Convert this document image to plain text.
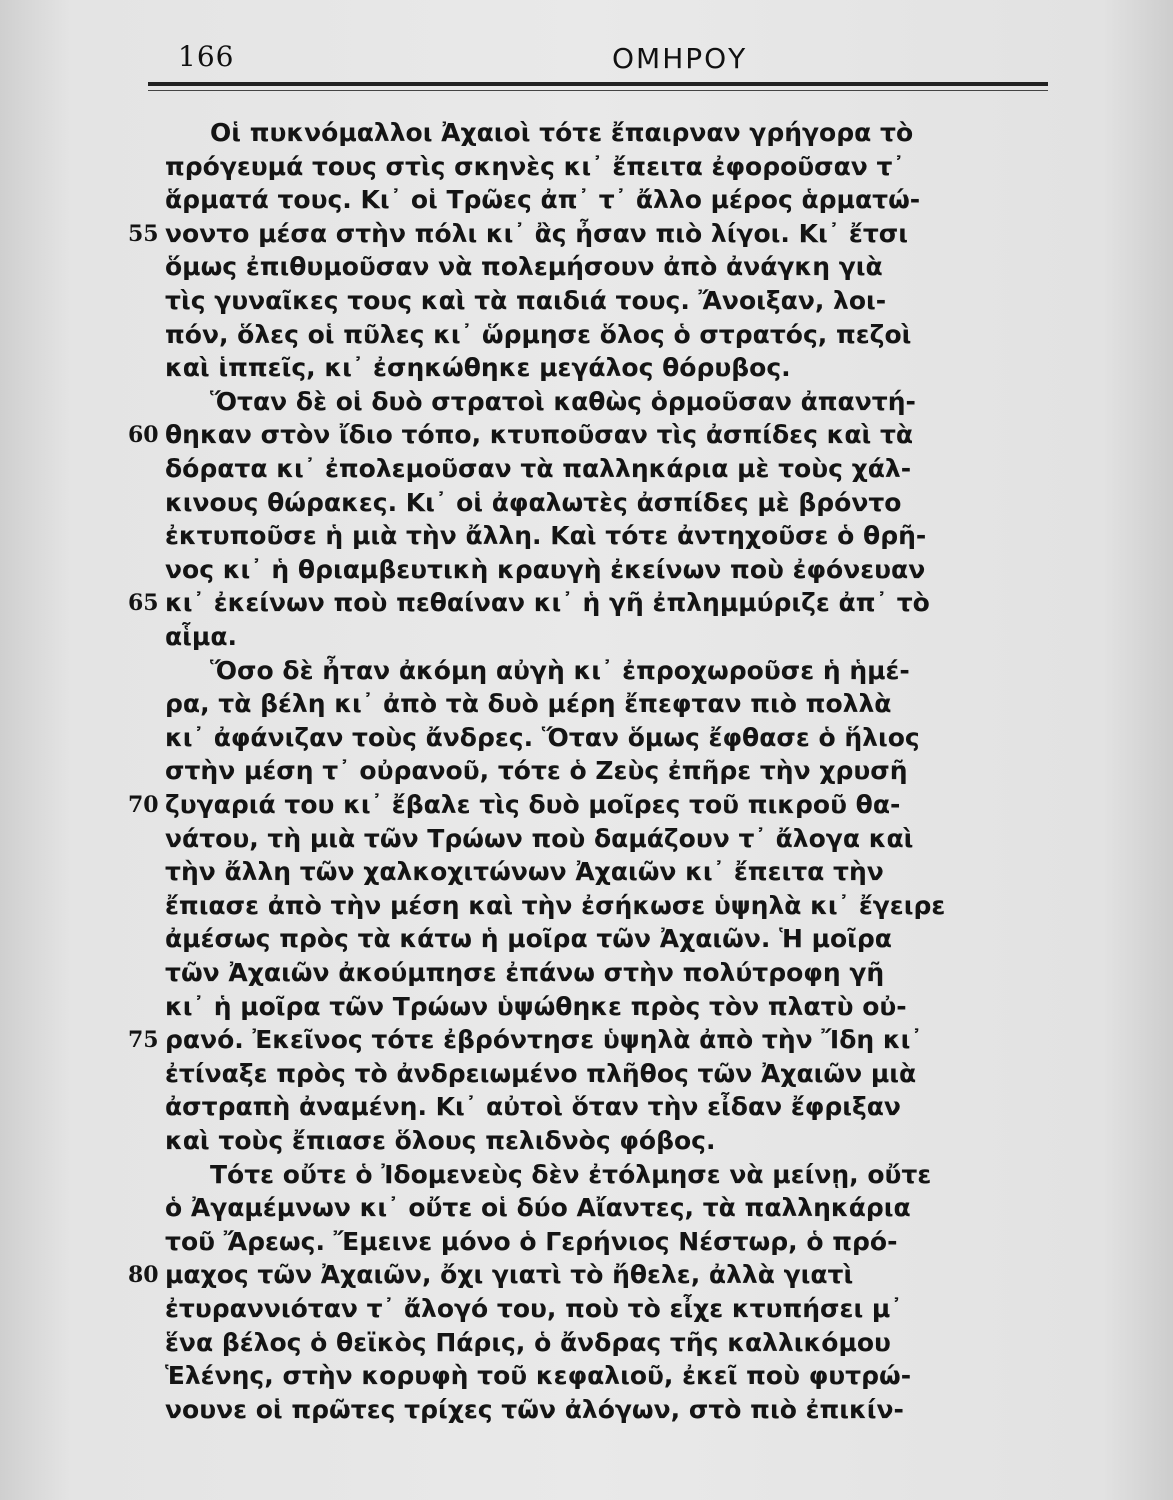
166	ΟΜΗΡΟΥ
Οἱ πυκνόμαλλοι Ἀχαιοὶ τότε ἔπαιρναν γρήγορα τὸ
πρόγευμά τους στὶς σκηνὲς κι᾿ ἔπειτα ἐφοροῦσαν τ᾿
ἅρματά τους. Κι᾿ οἱ Τρῶες ἀπ᾿ τ᾿ ἄλλο μέρος ἁρματώ-
55 νοντο μέσα στὴν πόλι κι᾿ ἂς ἦσαν πιὸ λίγοι. Κι᾿ ἔτσι
ὅμως ἐπιθυμοῦσαν νὰ πολεμήσουν ἀπὸ ἀνάγκη γιὰ
τὶς γυναῖκες τους καὶ τὰ παιδιά τους. Ἄνοιξαν, λοι-
πόν, ὅλες οἱ πῦλες κι᾿ ὥρμησε ὅλος ὁ στρατός, πεζοὶ
καὶ ἱππεῖς, κι᾿ ἐσηκώθηκε μεγάλος θόρυβος.
Ὅταν δὲ οἱ δυὸ στρατοὶ καθὼς ὁρμοῦσαν ἀπαντή-
60 θηκαν στὸν ἴδιο τόπο, κτυποῦσαν τὶς ἀσπίδες καὶ τὰ
δόρατα κι᾿ ἐπολεμοῦσαν τὰ παλληκάρια μὲ τοὺς χάλ-
κινους θώρακες. Κι᾿ οἱ ἀφαλωτὲς ἀσπίδες μὲ βρόντο
ἐκτυποῦσε ἡ μιὰ τὴν ἄλλη. Καὶ τότε ἀντηχοῦσε ὁ θρῆ-
νος κι᾿ ἡ θριαμβευτικὴ κραυγὴ ἐκείνων ποὺ ἐφόνευαν
65 κι᾿ ἐκείνων ποὺ πεθαίναν κι᾿ ἡ γῆ ἐπλημμύριζε ἀπ᾿ τὸ
αἷμα.
Ὅσο δὲ ἦταν ἀκόμη αὐγὴ κι᾿ ἐπροχωροῦσε ἡ ἡμέ-
ρα, τὰ βέλη κι᾿ ἀπὸ τὰ δυὸ μέρη ἔπεφταν πιὸ πολλὰ
κι᾿ ἀφάνιζαν τοὺς ἄνδρες. Ὅταν ὅμως ἔφθασε ὁ ἥλιος
στὴν μέση τ᾿ οὐρανοῦ, τότε ὁ Ζεὺς ἐπῆρε τὴν χρυσῆ
70 ζυγαριά του κι᾿ ἔβαλε τὶς δυὸ μοῖρες τοῦ πικροῦ θα-
νάτου, τὴ μιὰ τῶν Τρώων ποὺ δαμάζουν τ᾿ ἄλογα καὶ
τὴν ἄλλη τῶν χαλκοχιτώνων Ἀχαιῶν κι᾿ ἔπειτα τὴν
ἔπιασε ἀπὸ τὴν μέση καὶ τὴν ἐσήκωσε ὑψηλὰ κι᾿ ἔγειρε
ἀμέσως πρὸς τὰ κάτω ἡ μοῖρα τῶν Ἀχαιῶν. Ἡ μοῖρα
τῶν Ἀχαιῶν ἀκούμπησε ἐπάνω στὴν πολύτροφη γῆ
κι᾿ ἡ μοῖρα τῶν Τρώων ὑψώθηκε πρὸς τὸν πλατὺ οὐ-
75 ρανό. Ἐκεῖνος τότε ἐβρόντησε ὑψηλὰ ἀπὸ τὴν Ἴδη κι᾿
ἐτίναξε πρὸς τὸ ἀνδρειωμένο πλῆθος τῶν Ἀχαιῶν μιὰ
ἀστραπὴ ἀναμένη. Κι᾿ αὐτοὶ ὅταν τὴν εἶδαν ἔφριξαν
καὶ τοὺς ἔπιασε ὅλους πελιδνὸς φόβος.
Τότε οὔτε ὁ Ἰδομενεὺς δὲν ἐτόλμησε νὰ μείνῃ, οὔτε
ὁ Ἀγαμέμνων κι᾿ οὔτε οἱ δύο Αἴαντες, τὰ παλληκάρια
τοῦ Ἄρεως. Ἔμεινε μόνο ὁ Γερήνιος Νέστωρ, ὁ πρό-
80 μαχος τῶν Ἀχαιῶν, ὄχι γιατὶ τὸ ἤθελε, ἀλλὰ γιατὶ
ἐτυραννιόταν τ᾿ ἄλογό του, ποὺ τὸ εἶχε κτυπήσει μ᾿
ἕνα βέλος ὁ θεϊκὸς Πάρις, ὁ ἄνδρας τῆς καλλικόμου
Ἑλένης, στὴν κορυφὴ τοῦ κεφαλιοῦ, ἐκεῖ ποὺ φυτρώ-
νουνε οἱ πρῶτες τρίχες τῶν ἀλόγων, στὸ πιὸ ἐπικίν-
